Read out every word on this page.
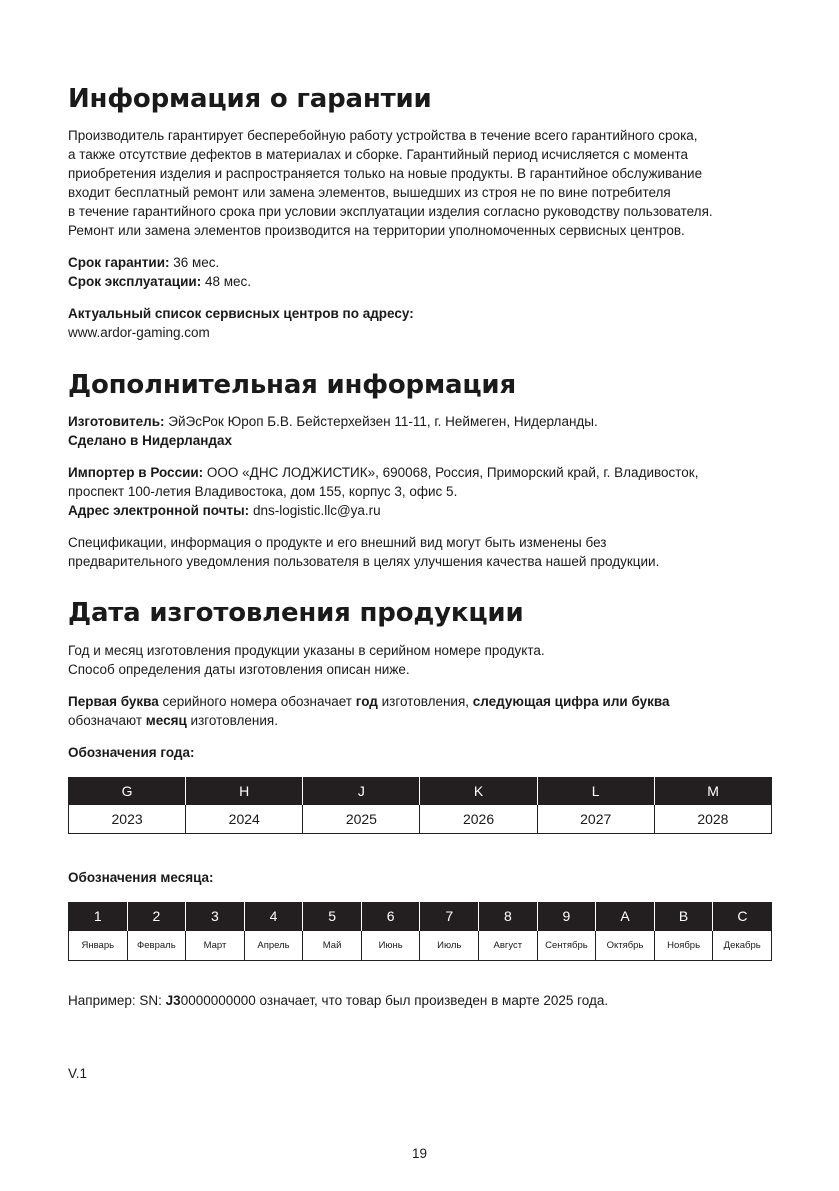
Информация о гарантии

Производитель гарантирует бесперебойную работу устройства в течение всего гарантийного срока,

а также отсутствие дефектов в материалах и сборке. Гарантийный период исчисляется с момента

приобретения изделия и распространяется только на новые продукты. В гарантийное обслуживание

входит бесплатный ремонт или замена элементов, вышедших из строя не по вине потребителя

в течение гарантийного срока при условии эксплуатации изделия согласно руководству пользователя.

Ремонт или замена элементов производится на территории уполномоченных сервисных центров.

Срок гарантии: 36 мес.

Срок эксплуатации: 48 мес.

Актуальный список сервисных центров по адресу:

www.ardor-gaming.com

Дополнительная информация

Изготовитель: ЭйЭсРок Юроп Б.В. Бейстерхейзен 11-11, г. Неймеген, Нидерланды.

Сделано в Нидерландах

Импортер в России: ООО «ДНС ЛОДЖИСТИК», 690068, Россия, Приморский край, г. Владивосток,

проспект 100-летия Владивостока, дом 155, корпус 3, офис 5.

Адрес электронной почты: dns-logistic.llc@ya.ru

Спецификации, информация о продукте и его внешний вид могут быть изменены без

предварительного уведомления пользователя в целях улучшения качества нашей продукции.

Дата изготовления продукции

Год и месяц изготовления продукции указаны в серийном номере продукта.

Способ определения даты изготовления описан ниже.

Первая буква серийного номера обозначает год изготовления, следующая цифра или буква

обозначают месяц изготовления.

Обозначения года:

G	H	J	K	L	M
2023	2024	2025	2026	2027	2028

Обозначения месяца:

1	2	3	4	5	6	7	8	9	A	B	C
Январь	Февраль	Март	Апрель	Май	Июнь	Июль	Август	Сентябрь	Октябрь	Ноябрь	Декабрь

Например: SN: J30000000000 означает, что товар был произведен в марте 2025 года.

V.1

19
